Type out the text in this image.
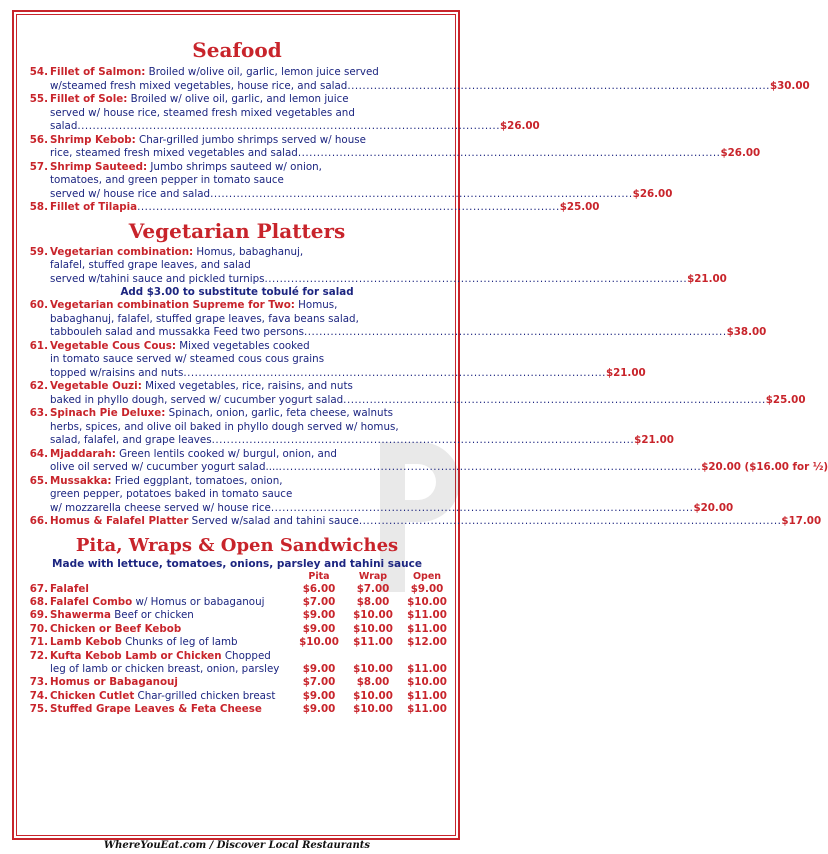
Seafood
54. Fillet of Salmon: Broiled w/olive oil, garlic, lemon juice served
w/steamed fresh mixed vegetables, house rice, and salad .....	$30.00
55. Fillet of Sole: Broiled w/ olive oil, garlic, and lemon juice
served w/ house rice, steamed fresh mixed vegetables and
salad .....	$26.00
56. Shrimp Kebob: Char-grilled jumbo shrimps served w/ house
rice, steamed fresh mixed vegetables and salad .....	$26.00
57. Shrimp Sauteed: Jumbo shrimps sauteed w/ onion,
tomatoes, and green pepper in tomato sauce
served w/ house rice and salad .....	$26.00
58. Fillet of Tilapia .....	$25.00
Vegetarian Platters
59. Vegetarian combination: Homus, babaghanuj,
falafel, stuffed grape leaves, and salad
served w/tahini sauce and pickled turnips .....	$21.00
Add $3.00 to substitute tobulé for salad
60. Vegetarian combination Supreme for Two: Homus,
babaghanuj, falafel, stuffed grape leaves, fava beans salad,
tabbouleh salad and mussakka Feed two persons .....	$38.00
61. Vegetable Cous Cous: Mixed vegetables cooked
in tomato sauce served w/ steamed cous cous grains
topped w/raisins and nuts .....	$21.00
62. Vegetable Ouzi: Mixed vegetables, rice, raisins, and nuts
baked in phyllo dough, served w/ cucumber yogurt salad .....	$25.00
63. Spinach Pie Deluxe: Spinach, onion, garlic, feta cheese, walnuts
herbs, spices, and olive oil baked in phyllo dough served w/ homus,
salad, falafel, and grape leaves .....	$21.00
64. Mjaddarah: Green lentils cooked w/ burgul, onion, and
olive oil served w/ cucumber yogurt salad.... .....	$20.00 ($16.00 for ½)
65. Mussakka: Fried eggplant, tomatoes, onion,
green pepper, potatoes baked in tomato sauce
w/ mozzarella cheese served w/ house rice .....	$20.00
66. Homus & Falafel Platter Served w/salad and tahini sauce .....	$17.00
Pita, Wraps & Open Sandwiches
Made with lettuce, tomatoes, onions, parsley and tahini sauce
Pita	Wrap	Open
67. Falafel	$6.00	$7.00	$9.00
68. Falafel Combo w/ Homus or babaganouj	$7.00	$8.00	$10.00
69. Shawerma Beef or chicken	$9.00	$10.00	$11.00
70. Chicken or Beef Kebob	$9.00	$10.00	$11.00
71. Lamb Kebob Chunks of leg of lamb	$10.00	$11.00	$12.00
72. Kufta Kebob Lamb or Chicken Chopped
leg of lamb or chicken breast, onion, parsley	$9.00	$10.00	$11.00
73. Homus or Babaganouj	$7.00	$8.00	$10.00
74. Chicken Cutlet Char-grilled chicken breast	$9.00	$10.00	$11.00
75. Stuffed Grape Leaves & Feta Cheese	$9.00	$10.00	$11.00
WhereYouEat.com / Discover Local Restaurants
